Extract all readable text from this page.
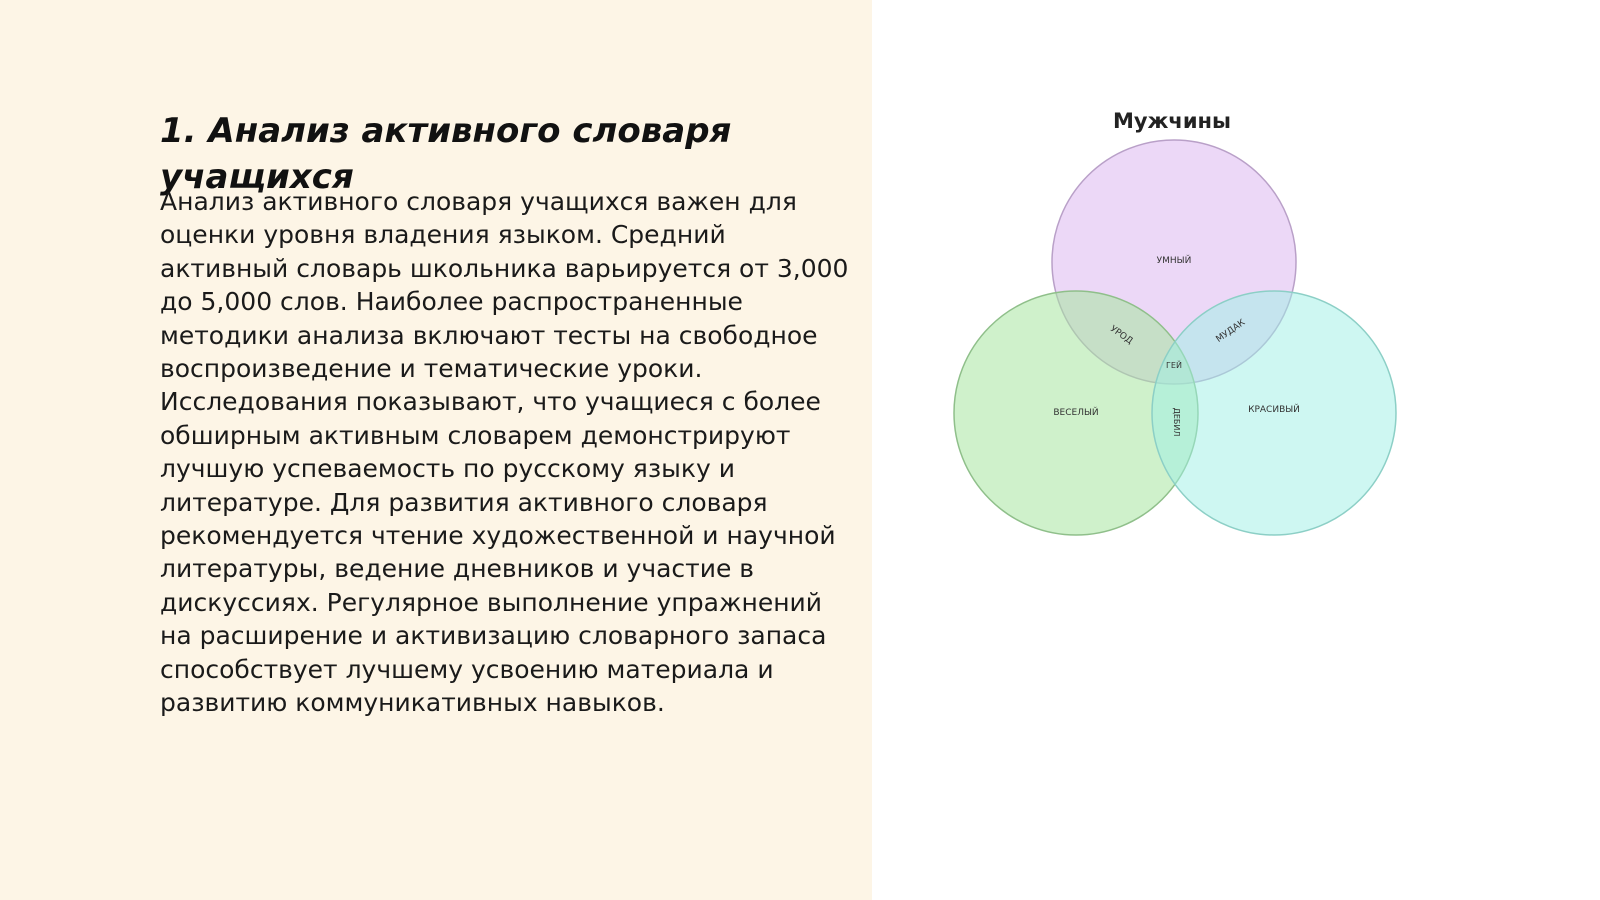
1. Анализ активного словаря учащихся

Анализ активного словаря учащихся важен для оценки уровня владения языком. Средний активный словарь школьника варьируется от 3,000 до 5,000 слов. Наиболее распространенные методики анализа включают тесты на свободное воспроизведение и тематические уроки. Исследования показывают, что учащиеся с более обширным активным словарем демонстрируют лучшую успеваемость по русскому языку и литературе. Для развития активного словаря рекомендуется чтение художественной и научной литературы, ведение дневников и участие в дискуссиях. Регулярное выполнение упражнений на расширение и активизацию словарного запаса способствует лучшему усвоению материала и развитию коммуникативных навыков.

Мужчины
УМНЫЙ
ВЕСЕЛЫЙ	КРАСИВЫЙ
УРОД	МУДАК
ГЕЙ
ДЕБИЛ
